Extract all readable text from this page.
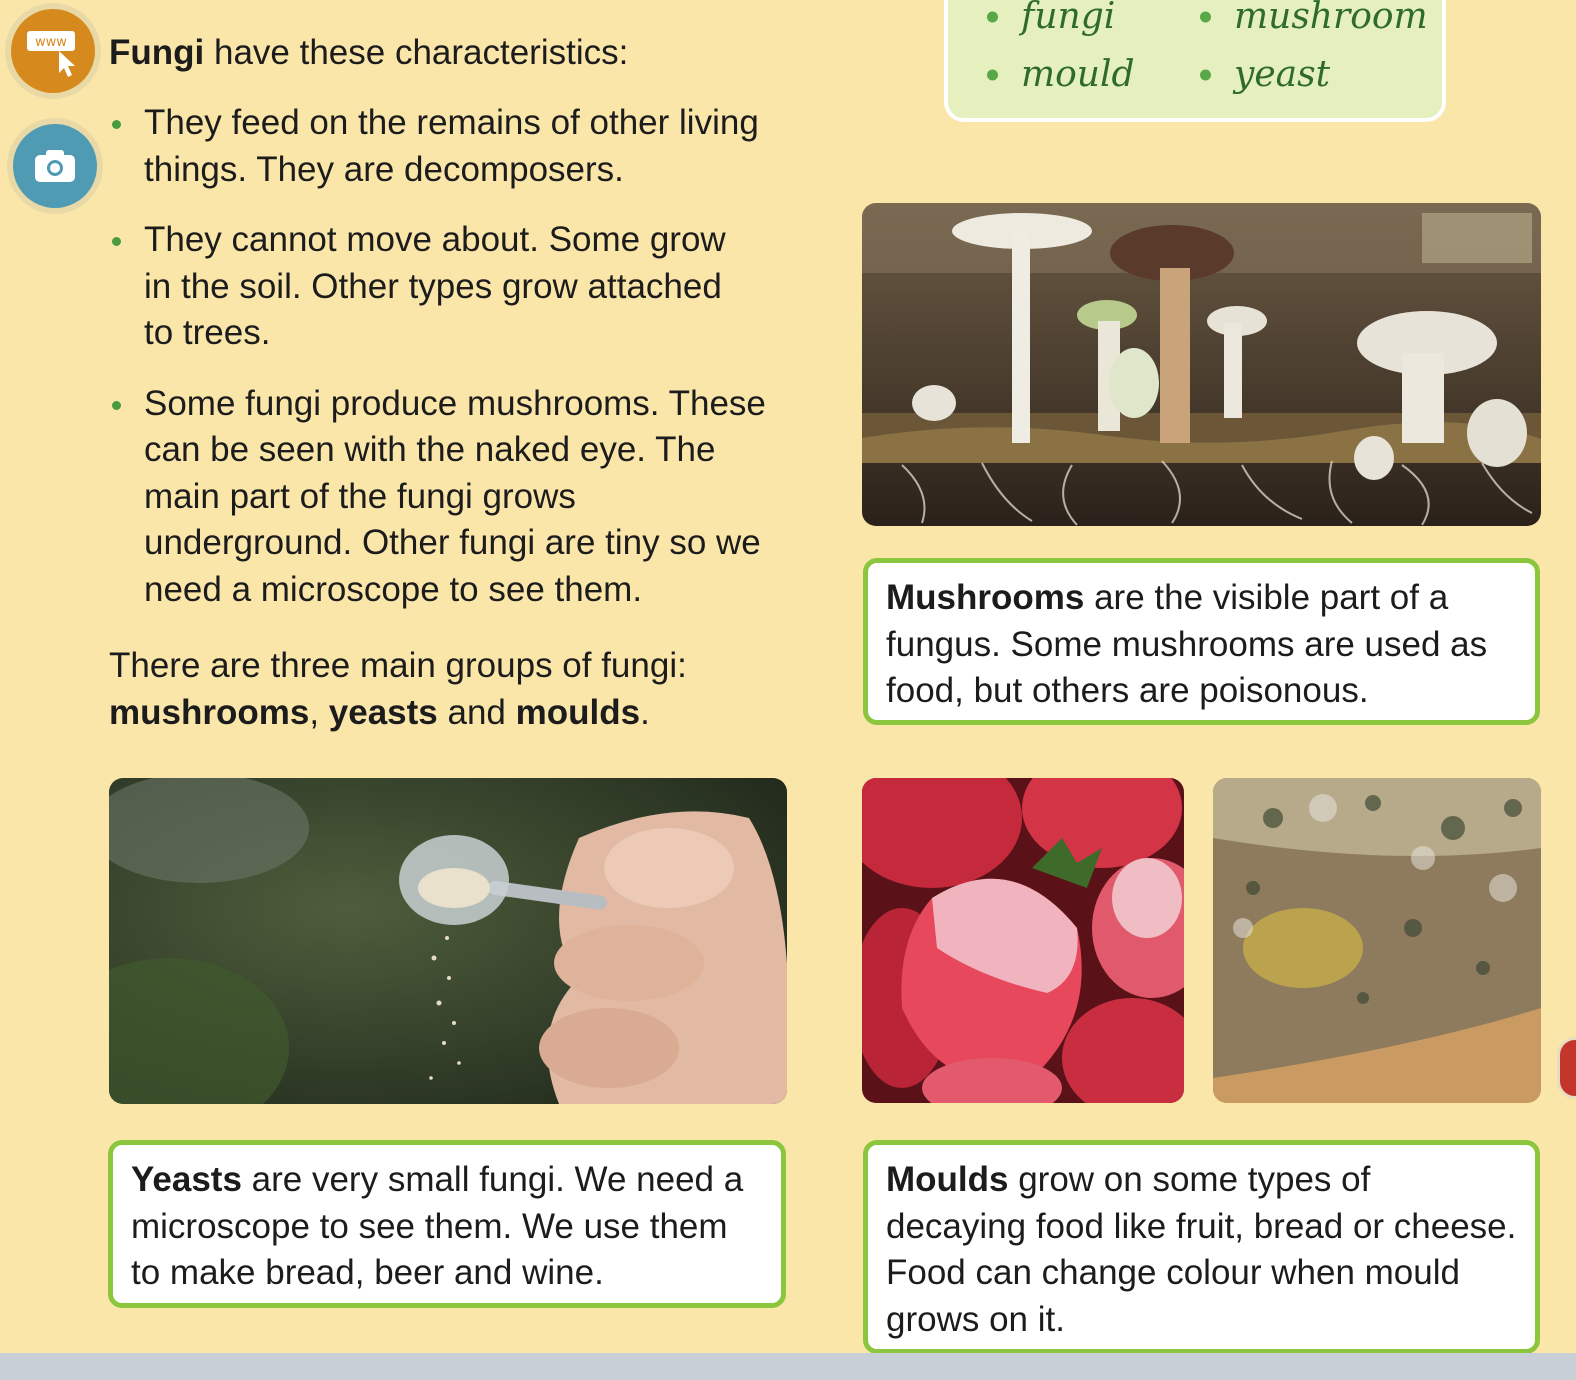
www
fungi	mushroom
mould	yeast
Fungi have these characteristics:
They feed on the remains of other living things. They are decomposers.
They cannot move about. Some grow in the soil. Other types grow attached to trees.
Some fungi produce mushrooms. These can be seen with the naked eye. The main part of the fungi grows underground. Other fungi are tiny so we need a microscope to see them.
There are three main groups of fungi:
mushrooms, yeasts and moulds.
Mushrooms are the visible part of a fungus. Some mushrooms are used as food, but others are poisonous.
Yeasts are very small fungi. We need a microscope to see them. We use them to make bread, beer and wine.
Moulds grow on some types of decaying food like fruit, bread or cheese. Food can change colour when mould grows on it.
